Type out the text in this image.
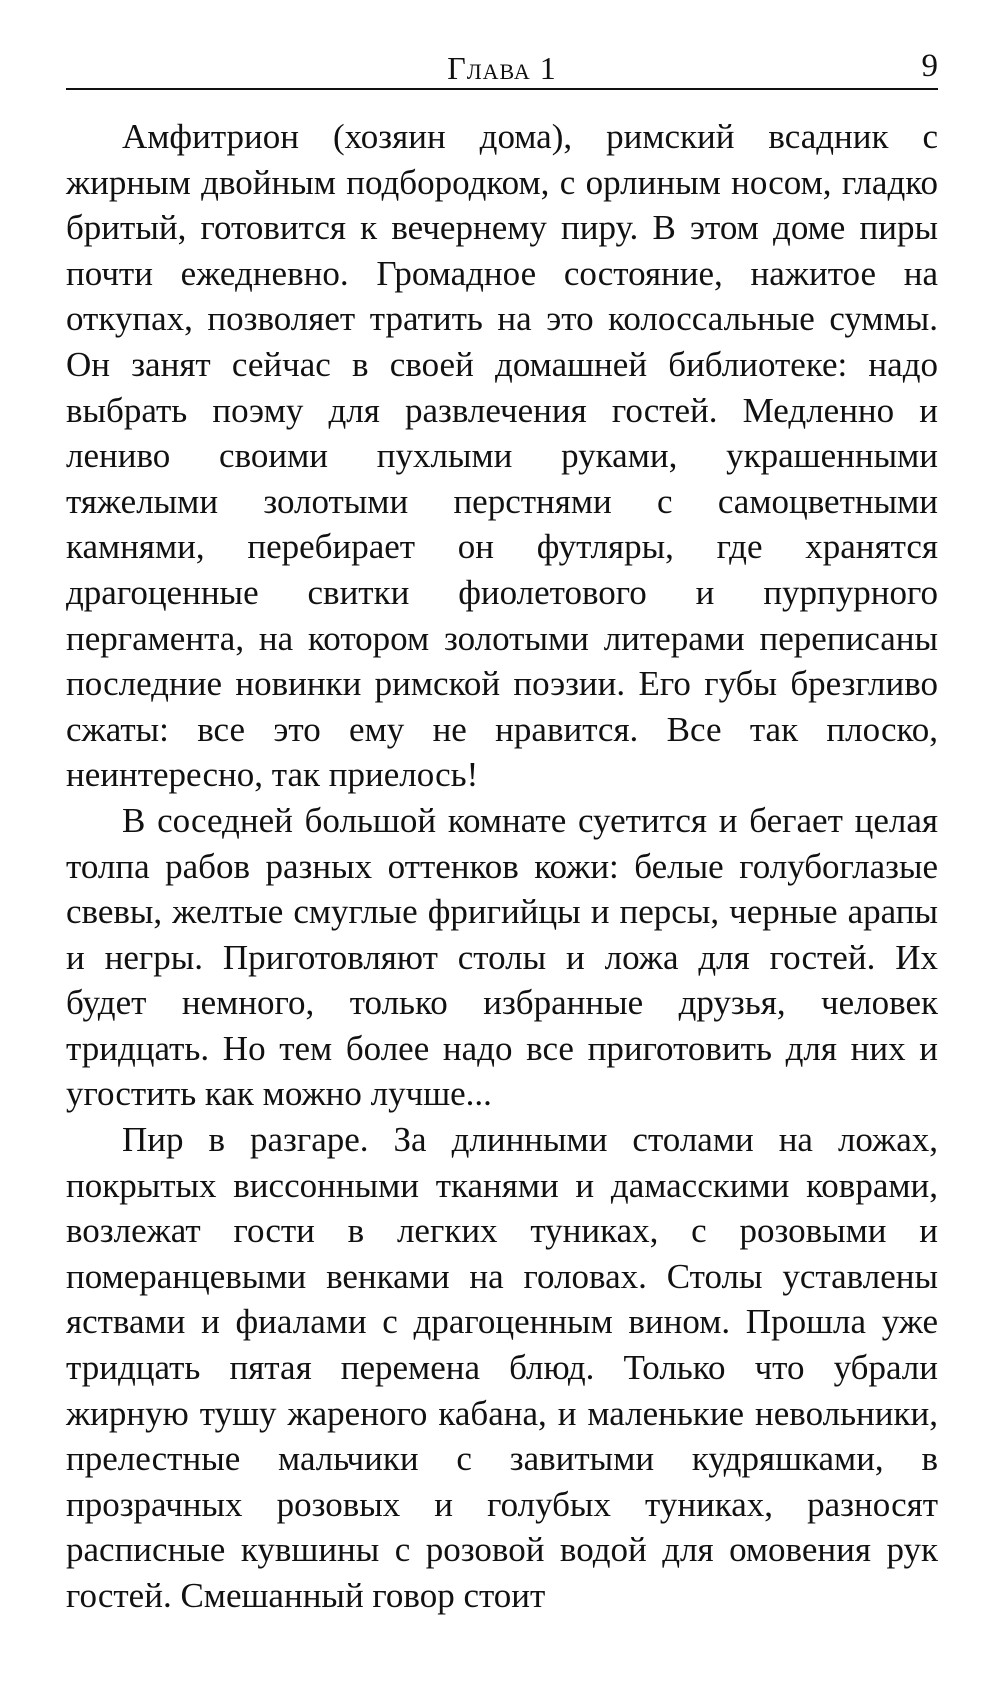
Глава 1	9

Амфитрион (хозяин дома), римский всадник с жирным двойным подбородком, с орлиным носом, гладко бритый, готовится к вечернему пиру. В этом доме пиры почти ежедневно. Громадное состояние, нажитое на откупах, позволяет тратить на это колоссальные суммы. Он занят сейчас в своей домашней библиотеке: надо выбрать поэму для развлечения гостей. Медленно и лениво своими пухлыми руками, украшенными тяжелыми золотыми перстнями с самоцветными камнями, перебирает он футляры, где хранятся драгоценные свитки фиолетового и пурпурного пергамента, на котором золотыми литерами переписаны последние новинки римской поэзии. Его губы брезгливо сжаты: все это ему не нравится. Все так плоско, неинтересно, так приелось!

В соседней большой комнате суетится и бегает целая толпа рабов разных оттенков кожи: белые голубоглазые свевы, желтые смуглые фригийцы и персы, черные арапы и негры. Приготовляют столы и ложа для гостей. Их будет немного, только избранные друзья, человек тридцать. Но тем более надо все приготовить для них и угостить как можно лучше...

Пир в разгаре. За длинными столами на ложах, покрытых виссонными тканями и дамасскими коврами, возлежат гости в легких туниках, с розовыми и померанцевыми венками на головах. Столы уставлены яствами и фиалами с драгоценным вином. Прошла уже тридцать пятая перемена блюд. Только что убрали жирную тушу жареного кабана, и маленькие невольники, прелестные мальчики с завитыми кудряшками, в прозрачных розовых и голубых туниках, разносят расписные кувшины с розовой водой для омовения рук гостей. Смешанный говор стоит
